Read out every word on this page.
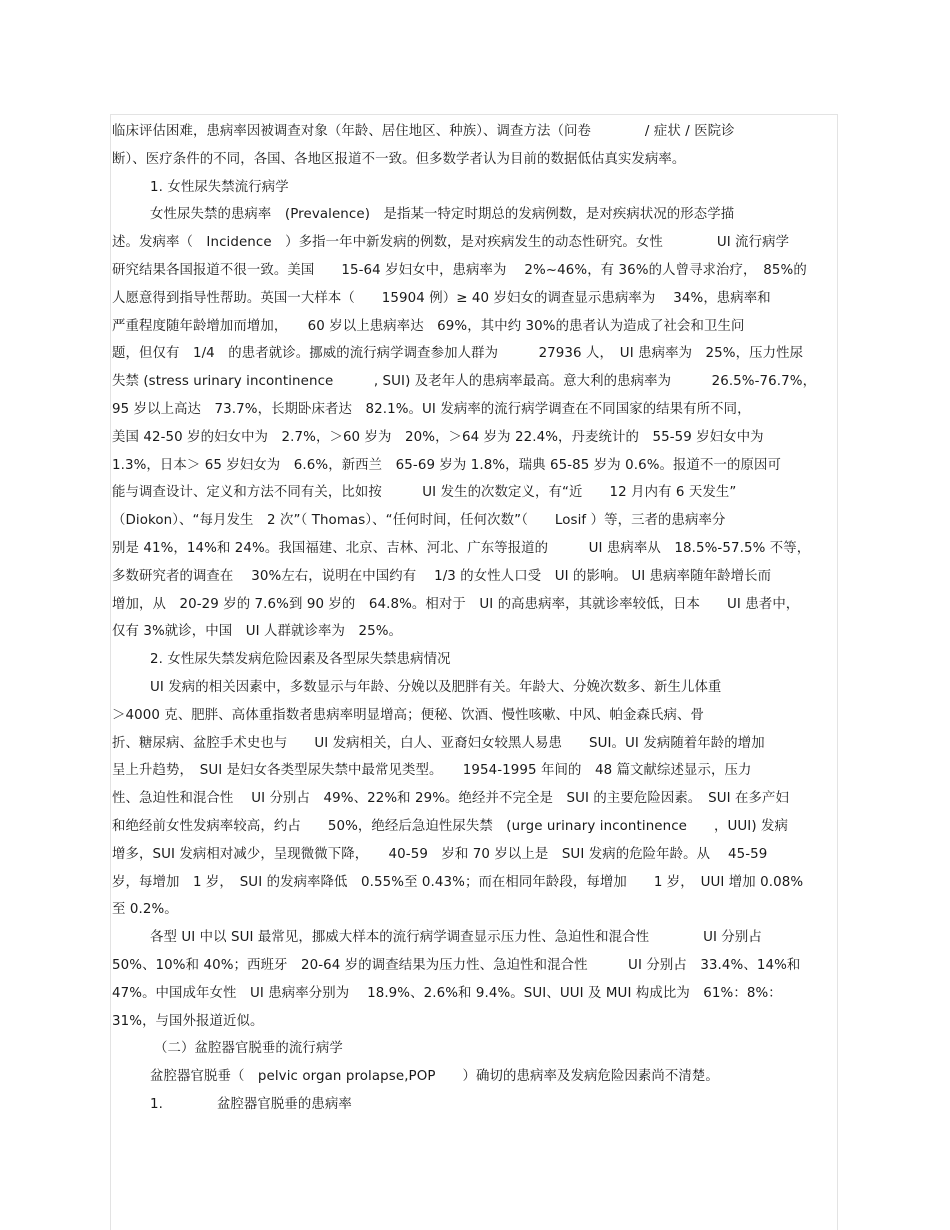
临床评估困难，患病率因被调查对象（年龄、居住地区、种族）、调查方法（问卷　　　　/ 症状 / 医院诊
断）、医疗条件的不同，各国、各地区报道不一致。但多数学者认为目前的数据低估真实发病率。
1. 女性尿失禁流行病学
女性尿失禁的患病率　(Prevalence)　是指某一特定时期总的发病例数，是对疾病状况的形态学描
述。发病率（　Incidence　）多指一年中新发病的例数，是对疾病发生的动态性研究。女性　　　　UI 流行病学
研究结果各国报道不很一致。美国　　15-64 岁妇女中，患病率为　 2%~46%，有 36%的人曾寻求治疗，　85%的
人愿意得到指导性帮助。英国一大样本（　　15904 例）≥ 40 岁妇女的调查显示患病率为　 34%，患病率和
严重程度随年龄增加而增加，　　60 岁以上患病率达　69%，其中约 30%的患者认为造成了社会和卫生问
题，但仅有　1/4　的患者就诊。挪威的流行病学调查参加人群为　　　27936 人，　UI 患病率为　25%，压力性尿
失禁 (stress urinary incontinence　　　, SUI) 及老年人的患病率最高。意大利的患病率为　　　26.5%-76.7%，
95 岁以上高达　73.7%，长期卧床者达　82.1%。UI 发病率的流行病学调查在不同国家的结果有所不同，
美国 42-50 岁的妇女中为　2.7%，＞60 岁为　20%，＞64 岁为 22.4%，丹麦统计的　55-59 岁妇女中为
1.3%，日本＞ 65 岁妇女为　6.6%，新西兰　65-69 岁为 1.8%，瑞典 65-85 岁为 0.6%。报道不一的原因可
能与调查设计、定义和方法不同有关，比如按　　　UI 发生的次数定义，有“近　　12 月内有 6 天发生”
（Diokon）、“每月发生　2 次”（ Thomas）、“任何时间，任何次数”（　　Losif ）等，三者的患病率分
别是 41%，14%和 24%。我国福建、北京、吉林、河北、广东等报道的　　　UI 患病率从　18.5%-57.5% 不等，
多数研究者的调查在　 30%左右，说明在中国约有　 1/3 的女性人口受　UI 的影响。 UI 患病率随年龄增长而
增加，从　20-29 岁的 7.6%到 90 岁的　64.8%。相对于　UI 的高患病率，其就诊率较低，日本　　UI 患者中，
仅有 3%就诊，中国　UI 人群就诊率为　25%。
2. 女性尿失禁发病危险因素及各型尿失禁患病情况
UI 发病的相关因素中，多数显示与年龄、分娩以及肥胖有关。年龄大、分娩次数多、新生儿体重
＞4000 克、肥胖、高体重指数者患病率明显增高；便秘、饮酒、慢性咳嗽、中风、帕金森氏病、骨
折、糖尿病、盆腔手术史也与　　UI 发病相关，白人、亚裔妇女较黑人易患　　SUI。UI 发病随着年龄的增加
呈上升趋势，　SUI 是妇女各类型尿失禁中最常见类型。　　1954-1995 年间的　48 篇文献综述显示，压力
性、急迫性和混合性　 UI 分别占　49%、22%和 29%。绝经并不完全是　SUI 的主要危险因素。　SUI 在多产妇
和绝经前女性发病率较高，约占　　50%，绝经后急迫性尿失禁　(urge urinary incontinence　　，UUI) 发病
增多，SUI 发病相对减少，呈现微微下降，　　40-59　岁和 70 岁以上是　SUI 发病的危险年龄。从　 45-59
岁，每增加　1 岁，　SUI 的发病率降低　0.55%至 0.43%；而在相同年龄段，每增加　　1 岁，　UUI 增加 0.08%
至 0.2%。
各型 UI 中以 SUI 最常见，挪威大样本的流行病学调查显示压力性、急迫性和混合性　　　　UI 分别占
50%、10%和 40%；西班牙　20-64 岁的调查结果为压力性、急迫性和混合性　　　UI 分别占　33.4%、14%和
47%。中国成年女性　UI 患病率分别为　 18.9%、2.6%和 9.4%。SUI、UUI 及 MUI 构成比为　61%：8%：
31%，与国外报道近似。
（二）盆腔器官脱垂的流行病学
盆腔器官脱垂（　pelvic organ prolapse,POP　　）确切的患病率及发病危险因素尚不清楚。
1.　　　　盆腔器官脱垂的患病率
